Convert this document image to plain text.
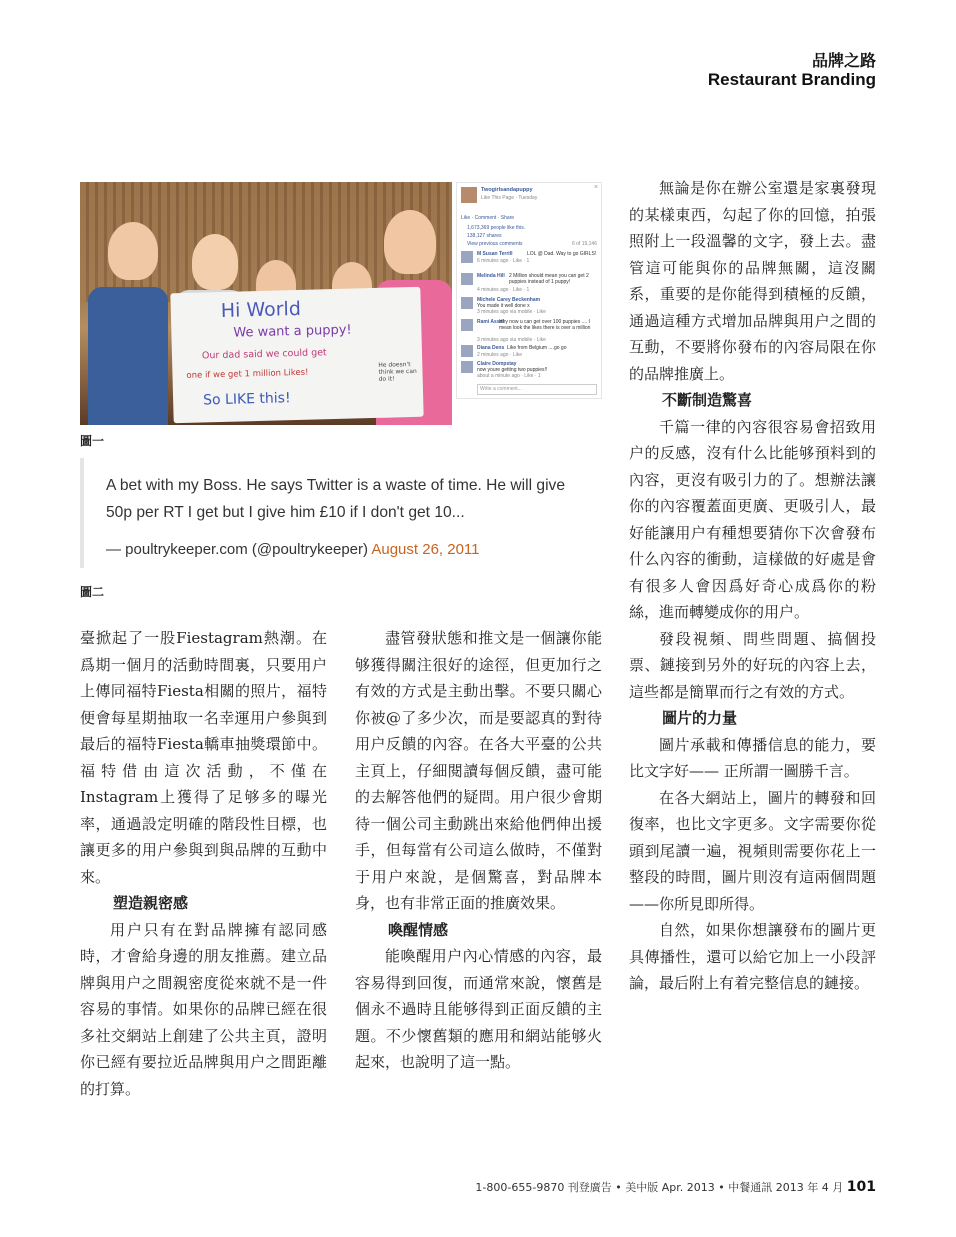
品牌之路
Restaurant Branding
Hi World
We want a puppy!
Our dad said we could get
one if we get 1 million Likes!
So LIKE this!
He doesn't think we can do it!
Twogirlsandapuppy
Like This Page · Tuesday
×
Like · Comment · Share
1,673,369 people like this.
138,127 shares
View previous comments	6 of 19,146
M Susan Terrill	LOL @ Dad. Way to go GIRLS!
6 minutes ago · Like · 1
Melinda Hill 2 Million should mean you can get 2 puppies instead of 1 puppy!
4 minutes ago · Like · 1
Michele Carey Beckenham
You made it well done x
3 minutes ago via mobile · Like
Rami Assaf
Hey now u can get over 100 puppies .... I mean look the likes there is over a million
3 minutes ago via mobile · Like
Diana Dens Like from Belgium ....go go
2 minutes ago · Like
Claire Dompstay
now youre getting two puppies!!
about a minute ago · Like · 1
Write a comment...
圖一
A bet with my Boss. He says Twitter is a waste of time. He will give 50p per RT I get but I give him £10 if I don't get 10...
— poultrykeeper.com (@poultrykeeper) August 26, 2011
圖二

臺掀起了一股Fiestagram熱潮。在爲期一個月的活動時間裏，只要用户上傳同福特Fiesta相關的照片，福特便會每星期抽取一名幸運用户參與到最后的福特Fiesta轎車抽獎環節中。福特借由這次活動，不僅在Instagram上獲得了足够多的曝光率，通過設定明確的階段性目標，也讓更多的用户參與到與品牌的互動中來。

塑造親密感

用户只有在對品牌擁有認同感時，才會給身邊的朋友推薦。建立品牌與用户之間親密度從來就不是一件容易的事情。如果你的品牌已經在很多社交網站上創建了公共主頁，證明你已經有要拉近品牌與用户之間距離的打算。

盡管發狀態和推文是一個讓你能够獲得關注很好的途徑，但更加行之有效的方式是主動出擊。不要只關心你被@了多少次，而是要認真的對待用户反饋的內容。在各大平臺的公共主頁上，仔細閱讀每個反饋，盡可能的去解答他們的疑問。用户很少會期待一個公司主動跳出來給他們伸出援手，但每當有公司這么做時，不僅對于用户來說，是個驚喜，對品牌本身，也有非常正面的推廣效果。

喚醒情感

能喚醒用户內心情感的內容，最容易得到回復，而通常來說，懷舊是個永不過時且能够得到正面反饋的主題。不少懷舊類的應用和網站能够火起來，也說明了這一點。

無論是你在辦公室還是家裏發現的某樣東西，勾起了你的回憶，拍張照附上一段溫馨的文字，發上去。盡管這可能與你的品牌無關，這沒關系，重要的是你能得到積極的反饋，通過這種方式增加品牌與用户之間的互動，不要將你發布的內容局限在你的品牌推廣上。

不斷制造驚喜

千篇一律的內容很容易會招致用户的反感，沒有什么比能够預料到的內容，更沒有吸引力的了。想辦法讓你的內容覆蓋面更廣、更吸引人，最好能讓用户有種想要猜你下次會發布什么內容的衝動，這樣做的好處是會有很多人會因爲好奇心成爲你的粉絲，進而轉變成你的用户。

發段視頻、問些問題、搞個投票、鏈接到另外的好玩的內容上去，這些都是簡單而行之有效的方式。

圖片的力量

圖片承載和傳播信息的能力，要比文字好—— 正所謂一圖勝千言。

在各大網站上，圖片的轉發和回復率，也比文字更多。文字需要你從頭到尾讀一遍，視頻則需要你花上一整段的時間，圖片則沒有這兩個問題——你所見即所得。

自然，如果你想讓發布的圖片更具傳播性，還可以給它加上一小段評論，最后附上有着完整信息的鏈接。

1-800-655-9870 刊登廣告 • 美中版 Apr. 2013 • 中餐通訊 2013 年 4 月 101
